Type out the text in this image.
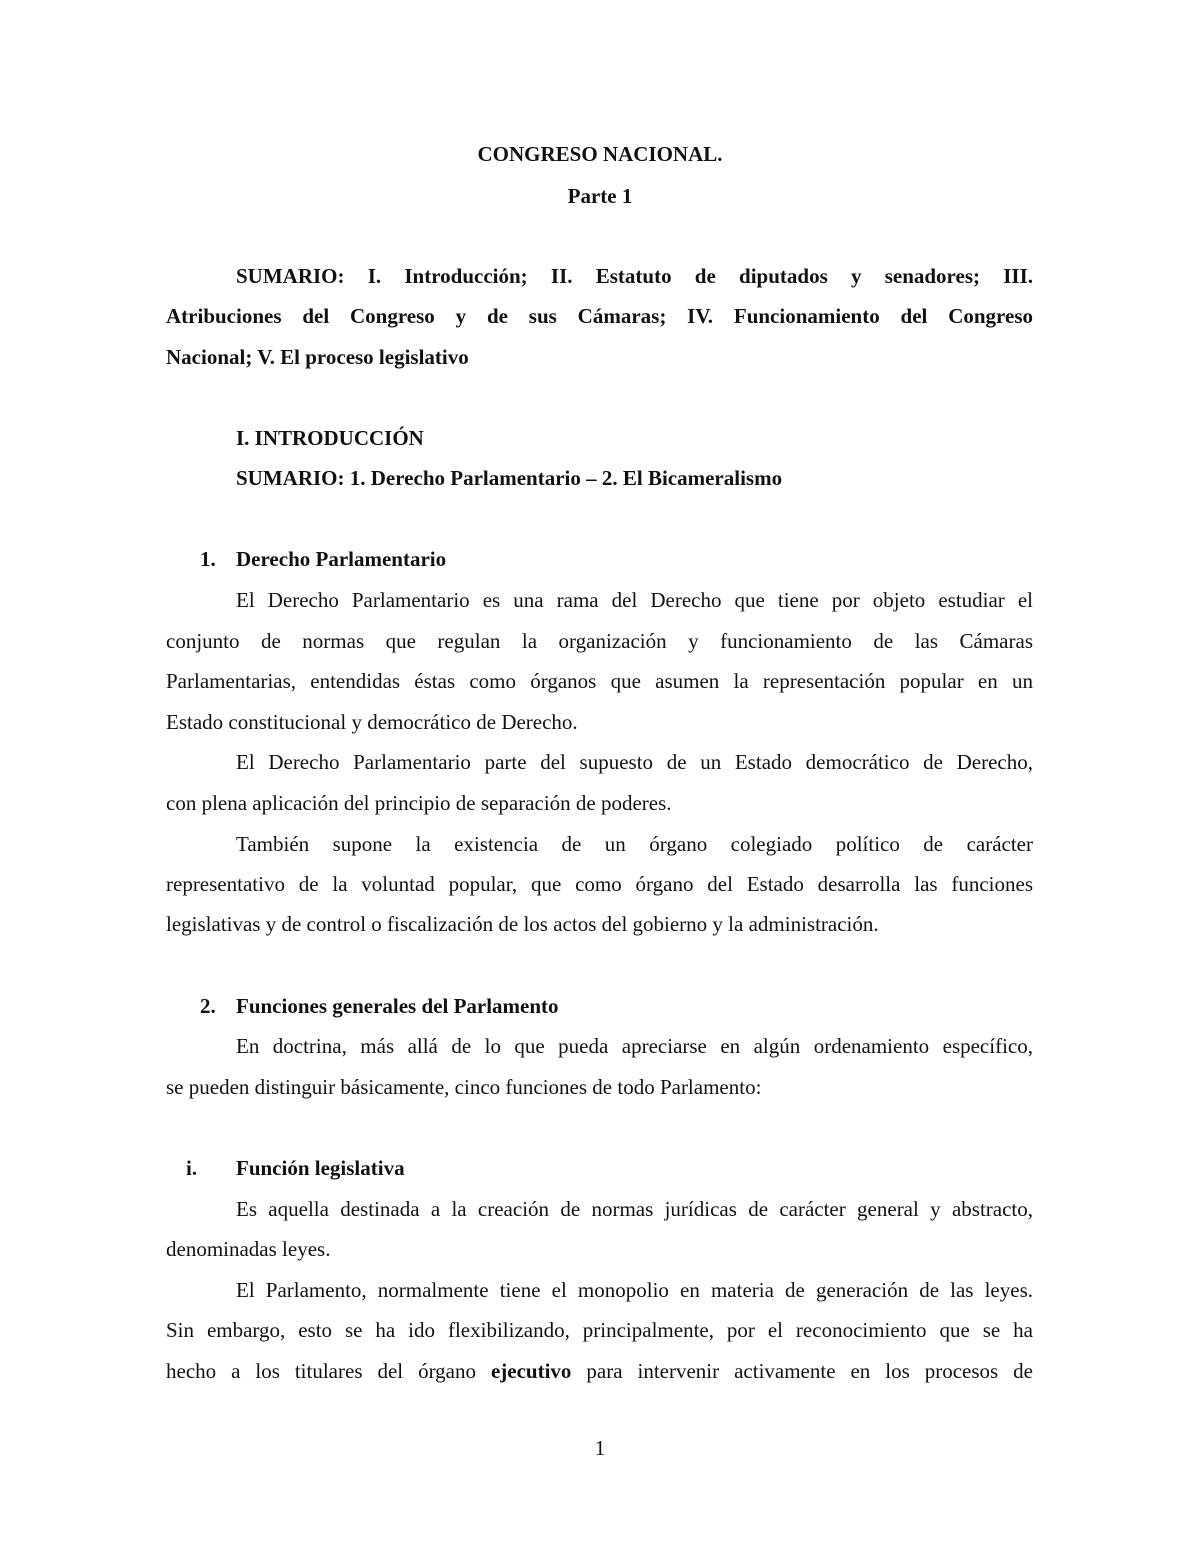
CONGRESO NACIONAL.
Parte 1
SUMARIO: I. Introducción; II. Estatuto de diputados y senadores; III.
Atribuciones del Congreso y de sus Cámaras; IV. Funcionamiento del Congreso
Nacional; V. El proceso legislativo
I. INTRODUCCIÓN
SUMARIO: 1. Derecho Parlamentario – 2. El Bicameralismo
1. Derecho Parlamentario
El Derecho Parlamentario es una rama del Derecho que tiene por objeto estudiar el
conjunto de normas que regulan la organización y funcionamiento de las Cámaras
Parlamentarias, entendidas éstas como órganos que asumen la representación popular en un
Estado constitucional y democrático de Derecho.
El Derecho Parlamentario parte del supuesto de un Estado democrático de Derecho,
con plena aplicación del principio de separación de poderes.
También supone la existencia de un órgano colegiado político de carácter
representativo de la voluntad popular, que como órgano del Estado desarrolla las funciones
legislativas y de control o fiscalización de los actos del gobierno y la administración.
2. Funciones generales del Parlamento
En doctrina, más allá de lo que pueda apreciarse en algún ordenamiento específico,
se pueden distinguir básicamente, cinco funciones de todo Parlamento:
i. Función legislativa
Es aquella destinada a la creación de normas jurídicas de carácter general y abstracto,
denominadas leyes.
El Parlamento, normalmente tiene el monopolio en materia de generación de las leyes.
Sin embargo, esto se ha ido flexibilizando, principalmente, por el reconocimiento que se ha
hecho a los titulares del órgano ejecutivo para intervenir activamente en los procesos de
1
